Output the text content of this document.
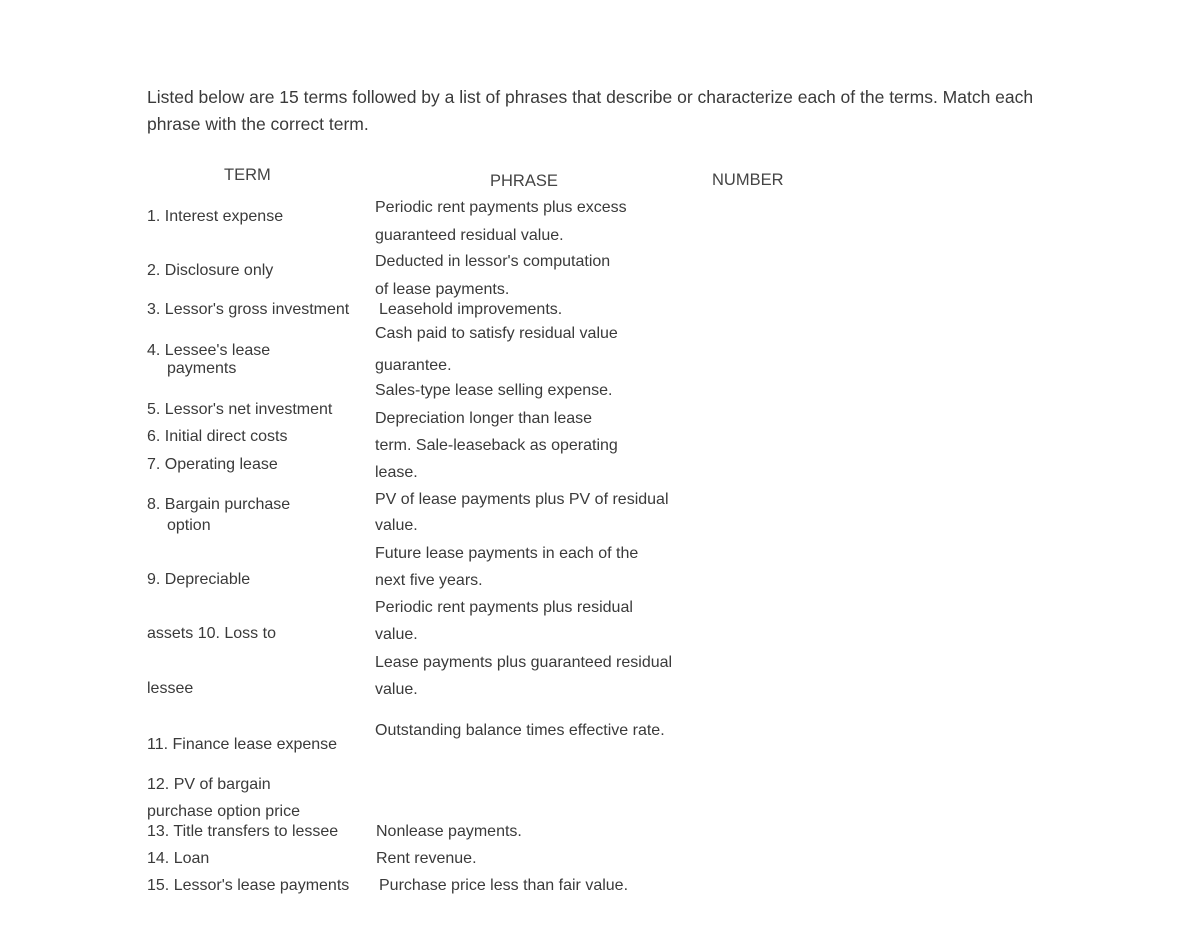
Listed below are 15 terms followed by a list of phrases that describe or characterize each of the terms. Match each phrase with the correct term.
TERM	PHRASE	NUMBER
1. Interest expense
2. Disclosure only
3. Lessor's gross investment
4. Lessee's lease
payments
5. Lessor's net investment
6. Initial direct costs
7. Operating lease
8. Bargain purchase
option
9. Depreciable
assets 10. Loss to
lessee
11. Finance lease expense
12. PV of bargain
purchase option price
13. Title transfers to lessee
14. Loan
15. Lessor's lease payments
Periodic rent payments plus excess
guaranteed residual value.
Deducted in lessor's computation
of lease payments.
Leasehold improvements.
Cash paid to satisfy residual value
guarantee.
Sales-type lease selling expense.
Depreciation longer than lease
term. Sale-leaseback as operating
lease.
PV of lease payments plus PV of residual
value.
Future lease payments in each of the
next five years.
Periodic rent payments plus residual
value.
Lease payments plus guaranteed residual
value.
Outstanding balance times effective rate.
Nonlease payments.
Rent revenue.
Purchase price less than fair value.
